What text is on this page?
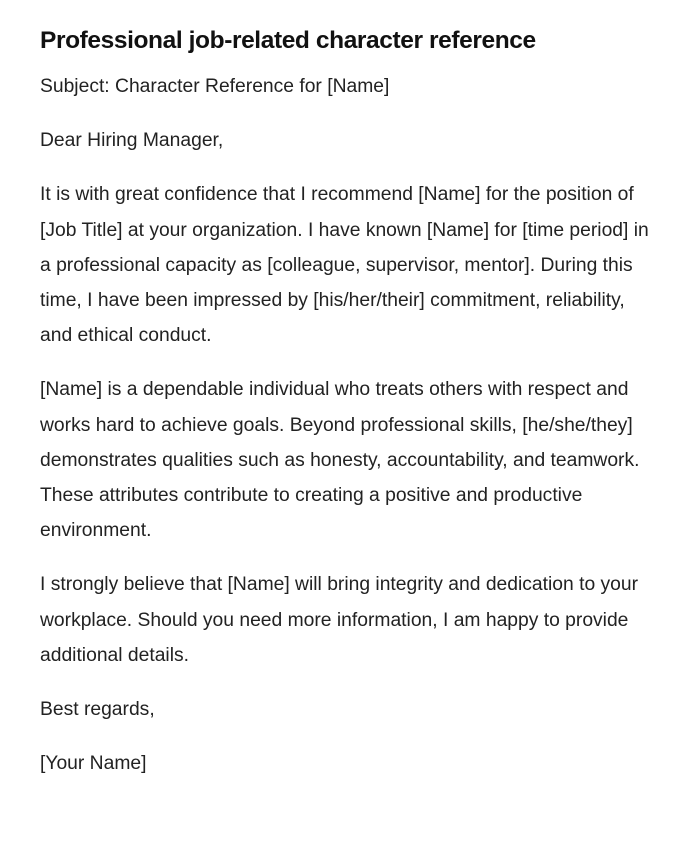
Professional job-related character reference

Subject: Character Reference for [Name]

Dear Hiring Manager,

It is with great confidence that I recommend [Name] for the position of [Job Title] at your organization. I have known [Name] for [time period] in a professional capacity as [colleague, supervisor, mentor]. During this time, I have been impressed by [his/her/their] commitment, reliability, and ethical conduct.

[Name] is a dependable individual who treats others with respect and works hard to achieve goals. Beyond professional skills, [he/she/they] demonstrates qualities such as honesty, accountability, and teamwork. These attributes contribute to creating a positive and productive environment.

I strongly believe that [Name] will bring integrity and dedication to your workplace. Should you need more information, I am happy to provide additional details.

Best regards,

[Your Name]
